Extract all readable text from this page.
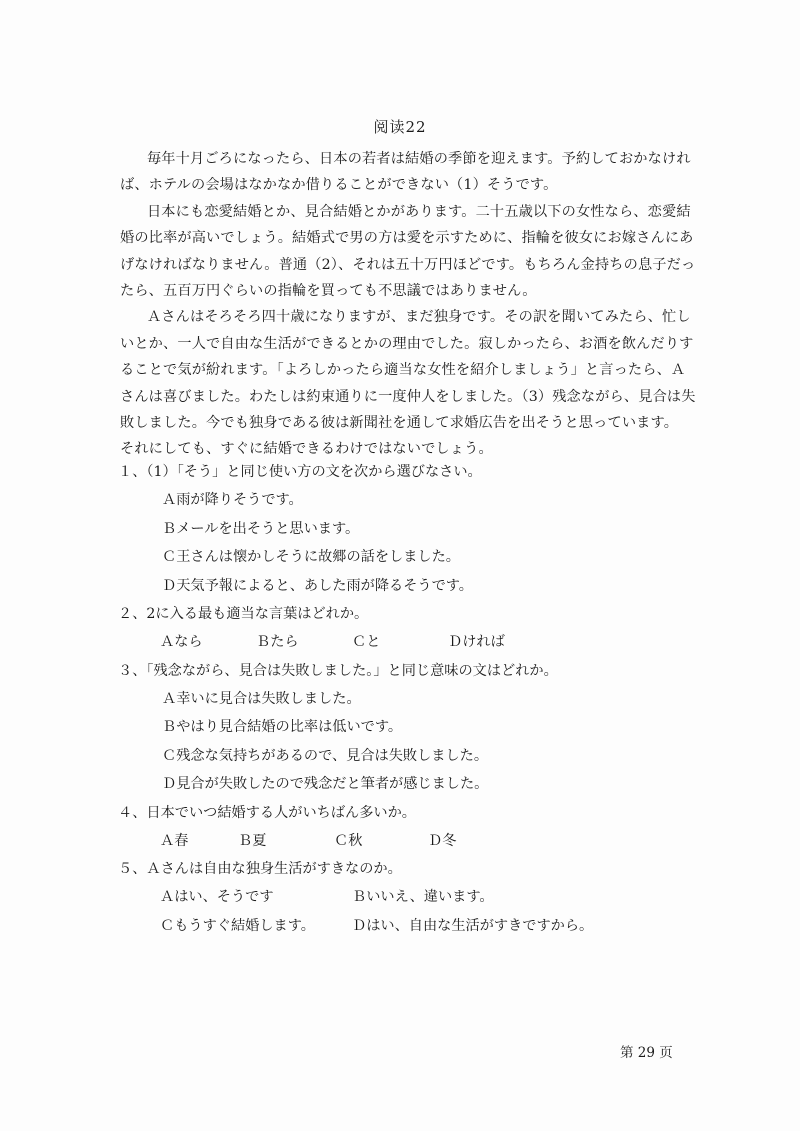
阅读22

毎年十月ごろになったら、日本の若者は結婚の季節を迎えます。予約しておかなければ、ホテルの会場はなかなか借りることができない（1）そうです。

日本にも恋愛結婚とか、見合結婚とかがあります。二十五歳以下の女性なら、恋愛結婚の比率が高いでしょう。結婚式で男の方は愛を示すために、指輪を彼女にお嫁さんにあげなければなりません。普通（2）、それは五十万円ほどです。もちろん金持ちの息子だったら、五百万円ぐらいの指輪を買っても不思議ではありません。

Ａさんはそろそろ四十歳になりますが、まだ独身です。その訳を聞いてみたら、忙しいとか、一人で自由な生活ができるとかの理由でした。寂しかったら、お酒を飲んだりすることで気が紛れます。「よろしかったら適当な女性を紹介しましょう」と言ったら、Ａさんは喜びました。わたしは約束通りに一度仲人をしました。（3）残念ながら、見合は失敗しました。今でも独身である彼は新聞社を通して求婚広告を出そうと思っています。

それにしても、すぐに結婚できるわけではないでしょう。

１、（1）「そう」と同じ使い方の文を次から選びなさい。
Ａ雨が降りそうです。
Ｂメールを出そうと思います。
Ｃ王さんは懐かしそうに故郷の話をしました。
Ｄ天気予報によると、あした雨が降るそうです。
２、2に入る最も適当な言葉はどれか。
Ａなら	Ｂたら	Ｃと	Ｄければ
３、「残念ながら、見合は失敗しました。」と同じ意味の文はどれか。
Ａ幸いに見合は失敗しました。
Ｂやはり見合結婚の比率は低いです。
Ｃ残念な気持ちがあるので、見合は失敗しました。
Ｄ見合が失敗したので残念だと筆者が感じました。
４、日本でいつ結婚する人がいちばん多いか。
Ａ春	Ｂ夏	Ｃ秋	Ｄ冬
５、Ａさんは自由な独身生活がすきなのか。
Ａはい、そうです	Ｂいいえ、違います。
Ｃもうすぐ結婚します。	Ｄはい、自由な生活がすきですから。
第 29 页
